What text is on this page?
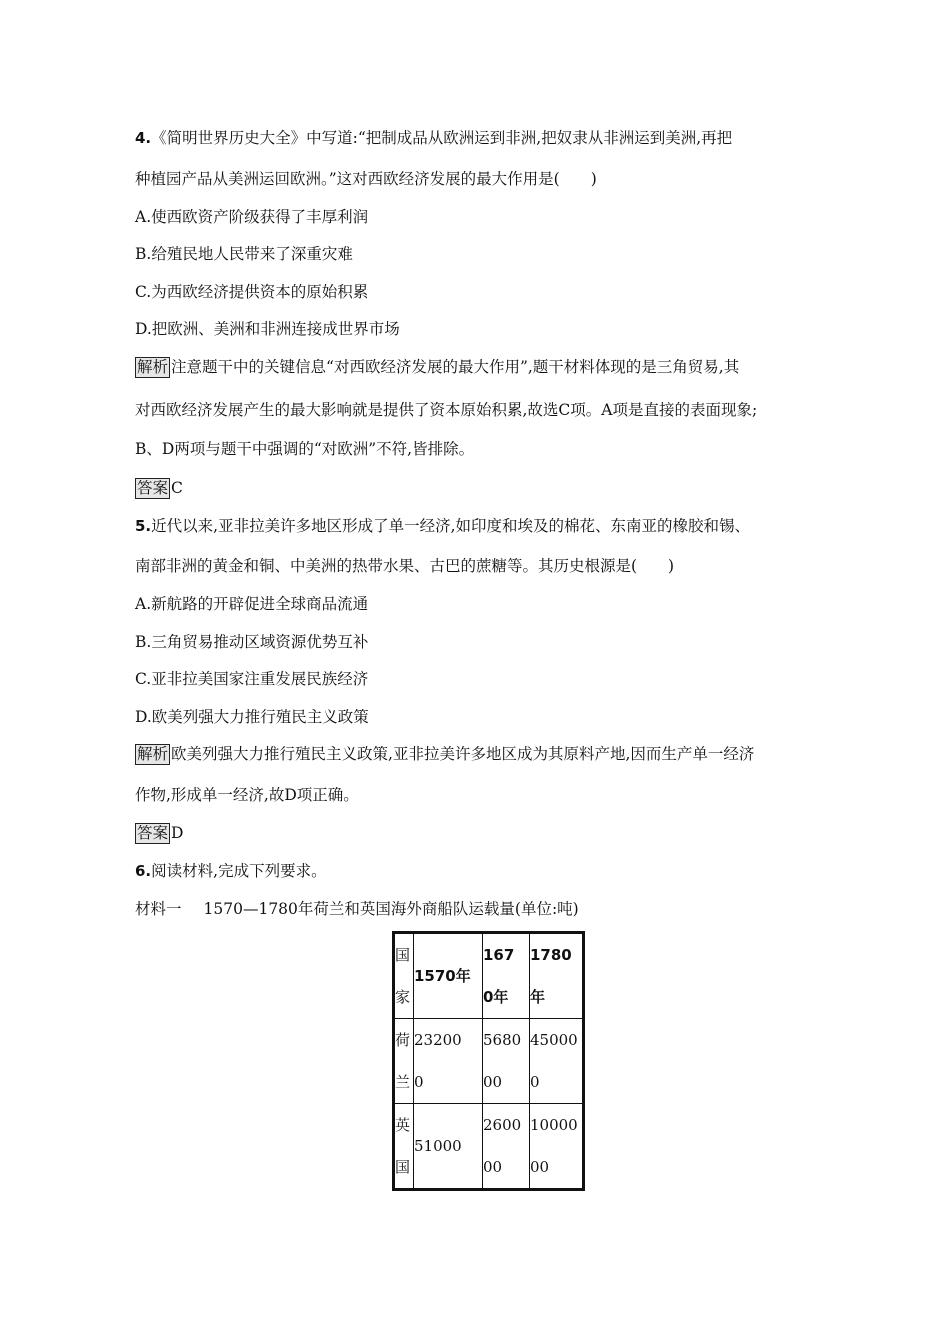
4.《简明世界历史大全》中写道:“把制成品从欧洲运到非洲,把奴隶从非洲运到美洲,再把
种植园产品从美洲运回欧洲。”这对西欧经济发展的最大作用是(　　)
A.使西欧资产阶级获得了丰厚利润
B.给殖民地人民带来了深重灾难
C.为西欧经济提供资本的原始积累
D.把欧洲、美洲和非洲连接成世界市场
解析 注意题干中的关键信息“对西欧经济发展的最大作用”,题干材料体现的是三角贸易,其
对西欧经济发展产生的最大影响就是提供了资本原始积累,故选C项。A项是直接的表面现象;
B、D两项与题干中强调的“对欧洲”不符,皆排除。
答案 C
5.近代以来,亚非拉美许多地区形成了单一经济,如印度和埃及的棉花、东南亚的橡胶和锡、
南部非洲的黄金和铜、中美洲的热带水果、古巴的蔗糖等。其历史根源是(　　)
A.新航路的开辟促进全球商品流通
B.三角贸易推动区域资源优势互补
C.亚非拉美国家注重发展民族经济
D.欧美列强大力推行殖民主义政策
解析 欧美列强大力推行殖民主义政策,亚非拉美许多地区成为其原料产地,因而生产单一经济
作物,形成单一经济,故D项正确。
答案 D
6.阅读材料,完成下列要求。
材料一 1570—1780年荷兰和英国海外商船队运载量(单位:吨)
国家	1570年	1670年	1780年

荷兰	232000	568000	450000

英国	51000	260000	1000000
